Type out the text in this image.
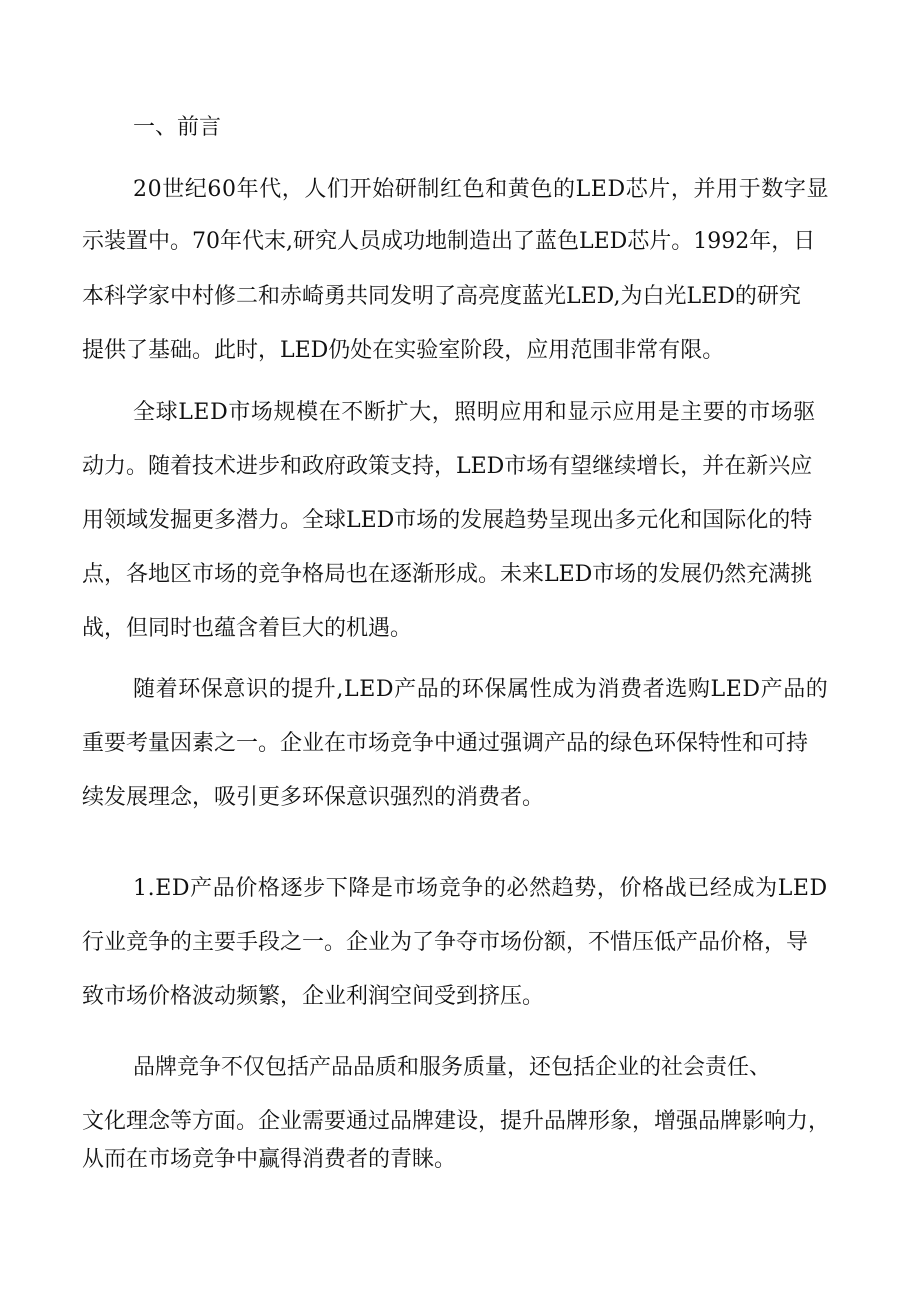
一、前言

20世纪60年代，人们开始研制红色和黄色的LED芯片，并用于数字显

示装置中。70年代末,研究人员成功地制造出了蓝色LED芯片。1992年，日

本科学家中村修二和赤崎勇共同发明了高亮度蓝光LED,为白光LED的研究

提供了基础。此时，LED仍处在实验室阶段，应用范围非常有限。

全球LED市场规模在不断扩大，照明应用和显示应用是主要的市场驱

动力。随着技术进步和政府政策支持，LED市场有望继续增长，并在新兴应

用领域发掘更多潜力。全球LED市场的发展趋势呈现出多元化和国际化的特

点，各地区市场的竞争格局也在逐渐形成。未来LED市场的发展仍然充满挑

战，但同时也蕴含着巨大的机遇。

随着环保意识的提升,LED产品的环保属性成为消费者选购LED产品的

重要考量因素之一。企业在市场竞争中通过强调产品的绿色环保特性和可持

续发展理念，吸引更多环保意识强烈的消费者。

1.ED产品价格逐步下降是市场竞争的必然趋势，价格战已经成为LED

行业竞争的主要手段之一。企业为了争夺市场份额，不惜压低产品价格，导

致市场价格波动频繁，企业利润空间受到挤压。

品牌竞争不仅包括产品品质和服务质量，还包括企业的社会责任、

文化理念等方面。企业需要通过品牌建设，提升品牌形象，增强品牌影响力，

从而在市场竞争中赢得消费者的青睐。
